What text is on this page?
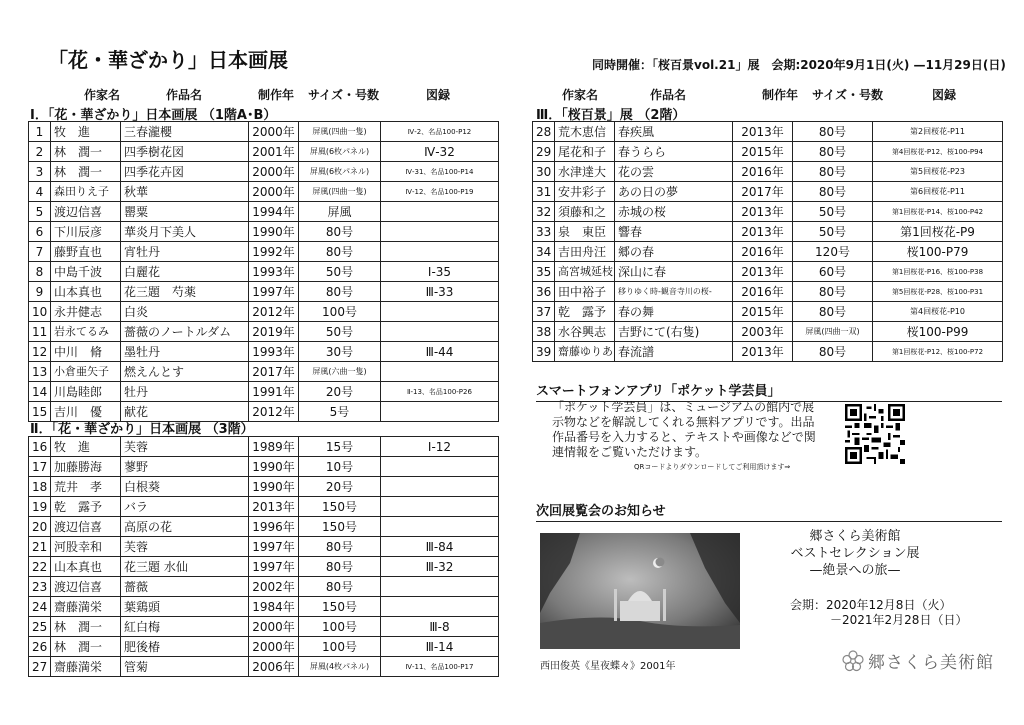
「花・華ざかり」日本画展	同時開催：「桜百景vol.21」展　会期:2020年9月1日(火) —11月29日(日)
作家名	作品名	制作年 サイズ・号数	図録	作家名	作品名	制作年 サイズ・号数	図録
Ⅰ．「花・華ざかり」日本画展 （1階A･B）
1	牧　進	三春瀧櫻	2000年	屏風(四曲一隻)	Ⅳ-2、名品100-P12
2	林　潤一	四季樹花図	2001年	屏風(6枚パネル)	Ⅳ-32
3	林　潤一	四季花卉図	2000年	屏風(6枚パネル)	Ⅳ-31、名品100-P14
4	森田りえ子	秋華	2000年	屏風(四曲一隻)	Ⅳ-12、名品100-P19
5	渡辺信喜	罌粟	1994年	屏風	
6	下川辰彦	華炎月下美人	1990年	80号	
7	藤野直也	宵牡丹	1992年	80号	
8	中島千波	白麗花	1993年	50号	Ⅰ-35
9	山本真也	花三題　芍薬	1997年	80号	Ⅲ-33
10	永井健志	白炎	2012年	100号	
11	岩永てるみ	薔薇のノートルダム	2019年	50号	
12	中川　脩	墨牡丹	1993年	30号	Ⅲ-44
13	小倉亜矢子	燃えんとす	2017年	屏風(六曲一隻)	
14	川島睦郎	牡丹	1991年	20号	Ⅱ-13、名品100-P26
15	吉川　優	献花	2012年	5号	
Ⅱ．「花・華ざかり」日本画展 （3階）
16	牧　進	芙蓉	1989年	15号	Ⅰ-12
17	加藤勝海	蓼野	1990年	10号	
18	荒井　孝	白根葵	1990年	20号	
19	乾　露予	バラ	2013年	150号	
20	渡辺信喜	高原の花	1996年	150号	
21	河股幸和	芙蓉	1997年	80号	Ⅲ-84
22	山本真也	花三題 水仙	1997年	80号	Ⅲ-32
23	渡辺信喜	薔薇	2002年	80号	
24	齋藤満栄	葉鶏頭	1984年	150号	
25	林　潤一	紅白梅	2000年	100号	Ⅲ-8
26	林　潤一	肥後椿	2000年	100号	Ⅲ-14
27	齋藤満栄	管菊	2006年	屏風(4枚パネル)	Ⅳ-11、名品100-P17
Ⅲ．「桜百景」展 （2階）
28	荒木恵信	春疾風	2013年	80号	第2回桜花-P11
29	尾花和子	春うらら	2015年	80号	第4回桜花-P12、桜100-P94
30	水津達大	花の雲	2016年	80号	第5回桜花-P23
31	安井彩子	あの日の夢	2017年	80号	第6回桜花-P11
32	須藤和之	赤城の桜	2013年	50号	第1回桜花-P14、桜100-P42
33	泉　東臣	響春	2013年	50号	第1回桜花-P9
34	吉田舟汪	郷の春	2016年	120号	桜100-P79
35	高宮城延枝	深山に春	2013年	60号	第1回桜花-P16、桜100-P38
36	田中裕子	移りゆく時-観音寺川の桜-	2016年	80号	第5回桜花-P28、桜100-P31
37	乾　露予	春の舞	2015年	80号	第4回桜花-P10
38	水谷興志	吉野にて(右隻)	2003年	屏風(四曲一双)	桜100-P99
39	齋藤ゆりあ	春流譜	2013年	80号	第1回桜花-P12、桜100-P72
スマートフォンアプリ「ポケット学芸員」
「ポケット学芸員」は、ミュージアムの館内で展示物などを解説してくれる無料アプリです。出品作品番号を入力すると、テキストや画像などで関連情報をご覧いただけます。
QRコードよりダウンロードしてご利用頂けます⇒
次回展覧会のお知らせ
西田俊英《星夜蝶々》2001年
郷さくら美術館
ベストセレクション展
—絶景への旅—
会期：2020年12月8日（火）
－2021年2月28日（日）
郷さくら美術館
